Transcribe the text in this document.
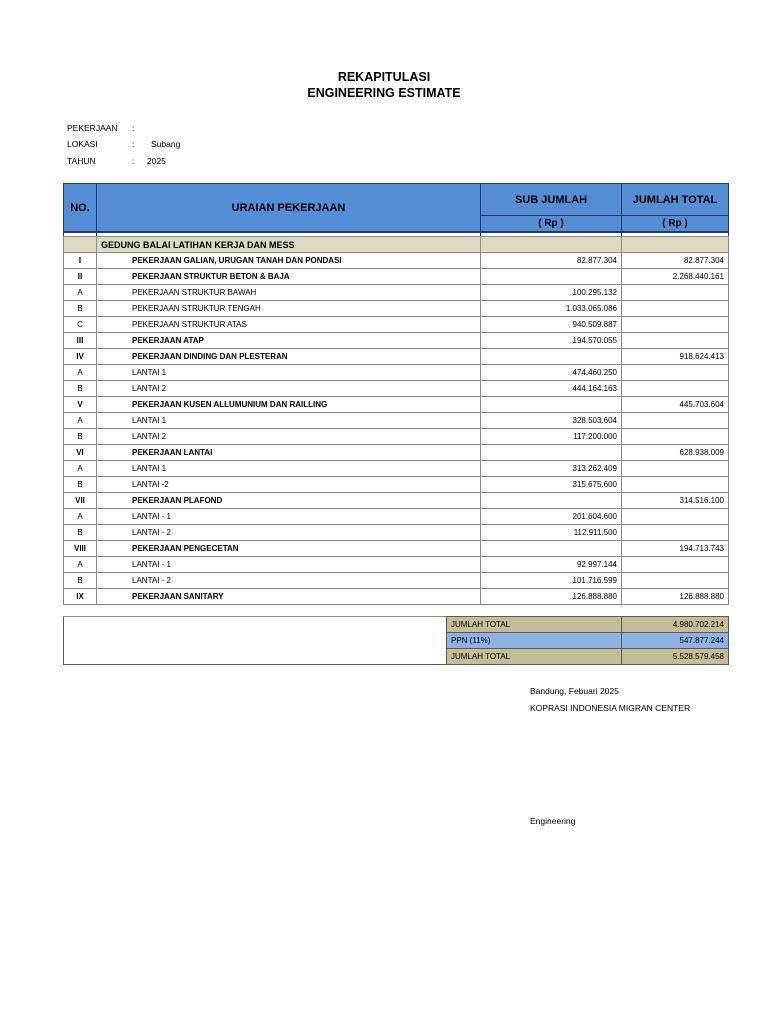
REKAPITULASI
ENGINEERING ESTIMATE
PEKERJAAN :
LOKASI	: Subang
TAHUN	: 2025
NO.	URAIAN PEKERJAAN	SUB JUMLAH	JUMLAH TOTAL
		( Rp )	( Rp )

	GEDUNG BALAI LATIHAN KERJA DAN MESS		
I	PEKERJAAN GALIAN, URUGAN TANAH DAN PONDASI	82.877.304	82.877.304
II	PEKERJAAN STRUKTUR BETON & BAJA		2.268.440.161
A	PEKERJAAN STRUKTUR BAWAH	100.295.132	
B	PEKERJAAN STRUKTUR TENGAH	1.033.065.086	
C	PEKERJAAN STRUKTUR ATAS	940.509.887	
III	PEKERJAAN ATAP	194.570.055	
IV	PEKERJAAN DINDING DAN PLESTERAN		918.624.413
A	LANTAI 1	474.460.250	
B	LANTAI 2	444.164.163	
V	PEKERJAAN KUSEN ALLUMUNIUM DAN RAILLING		445.703.604
A	LANTAI 1	328.503.604	
B	LANTAI 2	117.200.000	
VI	PEKERJAAN LANTAI		628.938.009
A	LANTAI 1	313.262.409	
B	LANTAI -2	315.675.600	
VII	PEKERJAAN PLAFOND		314.516.100
A	LANTAI - 1	201.604.600	
B	LANTAI - 2	112.911.500	
VIII	PEKERJAAN PENGECETAN		194.713.743
A	LANTAI - 1	92.997.144	
B	LANTAI - 2	101.716.599	
IX	PEKERJAAN SANITARY	126.888.880	126.888.880
	JUMLAH TOTAL	4.980.702.214
	PPN (11%)	547.877.244
	JUMLAH TOTAL	5.528.579.458
Bandung, Febuari 2025
KOPRASI INDONESIA MIGRAN CENTER
Engineering
